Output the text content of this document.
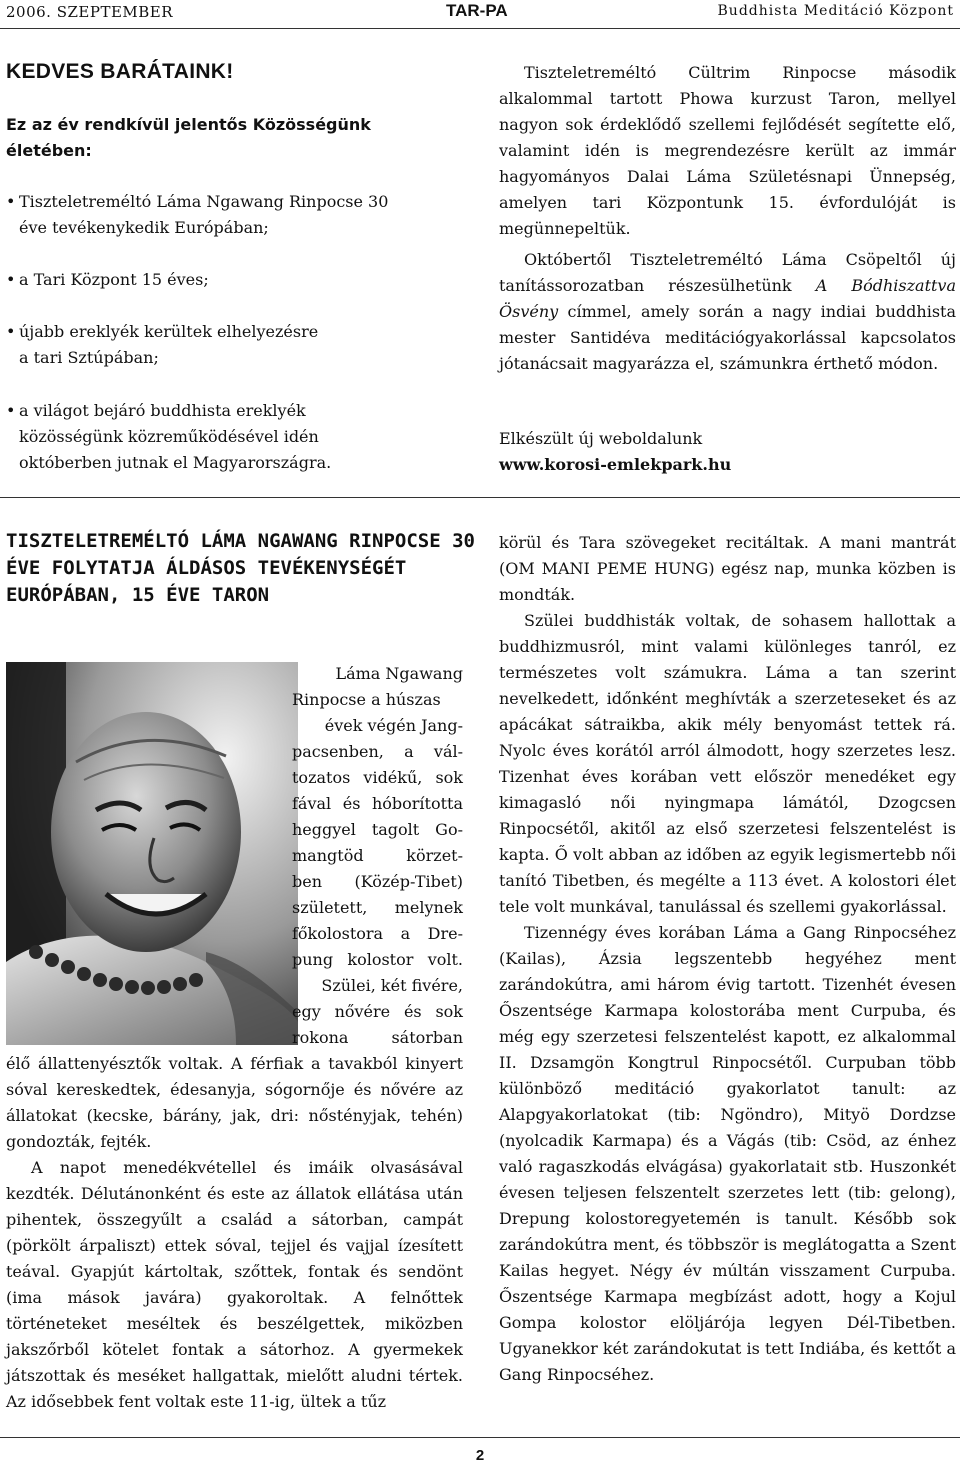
2006. SZEPTEMBER	TAR-PA	Buddhista Meditáció Központ
KEDVES BARÁTAINK!
Ez az év rendkívül jelentős Közösségünk életében:
• Tiszteletreméltó Láma Ngawang Rinpocse 30 éve tevékenykedik Európában;
• a Tari Központ 15 éves;
• újabb ereklyék kerültek elhelyezésre a tari Sztúpában;
• a világot bejáró buddhista ereklyék közösségünk közreműködésével idén októberben jutnak el Magyarországra.

Tiszteletreméltó Cültrim Rinpocse második alkalommal tartott Phowa kurzust Taron, mellyel nagyon sok érdeklődő szellemi fejlődését segítette elő, valamint idén is megrendezésre került az immár hagyományos Dalai Láma Születésnapi Ünnepség, amelyen tari Központunk 15. évfordulóját is megünnepeltük.

Októbertől Tiszteletreméltó Láma Csöpeltől új tanítássorozatban részesülhetünk A Bódhiszattva Ösvény címmel, amely során a nagy indiai buddhista mester Santidéva meditációgyakorlással kapcsolatos jótanácsait magyarázza el, számunkra érthető módon.

Elkészült új weboldalunk
www.korosi-emlekpark.hu
TISZTELETREMÉLTÓ LÁMA NGAWANG RINPOCSE 30 ÉVE FOLYTATJA ÁLDÁSOS TEVÉKENYSÉGÉT EURÓPÁBAN, 15 ÉVE TARON
Láma Ngawang
Rinpocse a húszas
évek végén Jang-
pacsenben, a vál-
tozatos vidékű, sok
fával és hóborította
heggyel tagolt Go-
mangtöd körzet-
ben (Közép-Tibet)
született, melynek
főkolostora a Dre-
pung kolostor volt.
Szülei, két fivére,
egy nővére és sok
rokona sátorban

élő állattenyésztők voltak. A férfiak a tavakból kinyert sóval kereskedtek, édesanyja, sógornője és nővére az állatokat (kecske, bárány, jak, dri: nőstényjak, tehén) gondozták, fejték.

A napot menedékvétellel és imáik olvasásával kezdték. Délutánonként és este az állatok ellátása után pihentek, összegyűlt a család a sátorban, campát (pörkölt árpaliszt) ettek sóval, tejjel és vajjal ízesített teával. Gyapjút kártoltak, szőttek, fontak és sendönt (ima mások javára) gyakoroltak. A felnőttek történeteket meséltek és beszélgettek, miközben jakszőrből kötelet fontak a sátorhoz. A gyermekek játszottak és meséket hallgattak, mielőtt aludni tértek. Az idősebbek fent voltak este 11-ig, ültek a tűz

körül és Tara szövegeket recitáltak. A mani mantrát (OM MANI PEME HUNG) egész nap, munka közben is mondták.

Szülei buddhisták voltak, de sohasem hallottak a buddhizmusról, mint valami különleges tanról, ez természetes volt számukra. Láma a tan szerint nevelkedett, időnként meghívták a szerzeteseket és az apácákat sátraikba, akik mély benyomást tettek rá. Nyolc éves korától arról álmodott, hogy szerzetes lesz. Tizenhat éves korában vett először menedéket egy kimagasló női nyingmapa lámától, Dzogcsen Rinpocsétől, akitől az első szerzetesi felszentelést is kapta. Ő volt abban az időben az egyik legismertebb női tanító Tibetben, és megélte a 113 évet. A kolostori élet tele volt munkával, tanulással és szellemi gyakorlással.

Tizennégy éves korában Láma a Gang Rinpocséhez (Kailas), Ázsia legszentebb hegyéhez ment zarándokútra, ami három évig tartott. Tizenhét évesen Őszentsége Karmapa kolostorába ment Curpuba, és még egy szerzetesi felszentelést kapott, ez alkalommal II. Dzsamgön Kongtrul Rinpocsétől. Curpuban több különböző meditáció gyakorlatot tanult: az Alapgyakorlatokat (tib: Ngöndro), Mityö Dordzse (nyolcadik Karmapa) és a Vágás (tib: Csöd, az énhez való ragaszkodás elvágása) gyakorlatait stb. Huszonkét évesen teljesen felszentelt szerzetes lett (tib: gelong), Drepung kolostoregyetemén is tanult. Később sok zarándokútra ment, és többször is meglátogatta a Szent Kailas hegyet. Négy év múltán visszament Curpuba. Őszentsége Karmapa megbízást adott, hogy a Kojul Gompa kolostor elöljárója legyen Dél-Tibetben. Ugyanekkor két zarándokutat is tett Indiába, és kettőt a Gang Rinpocséhez.

2
